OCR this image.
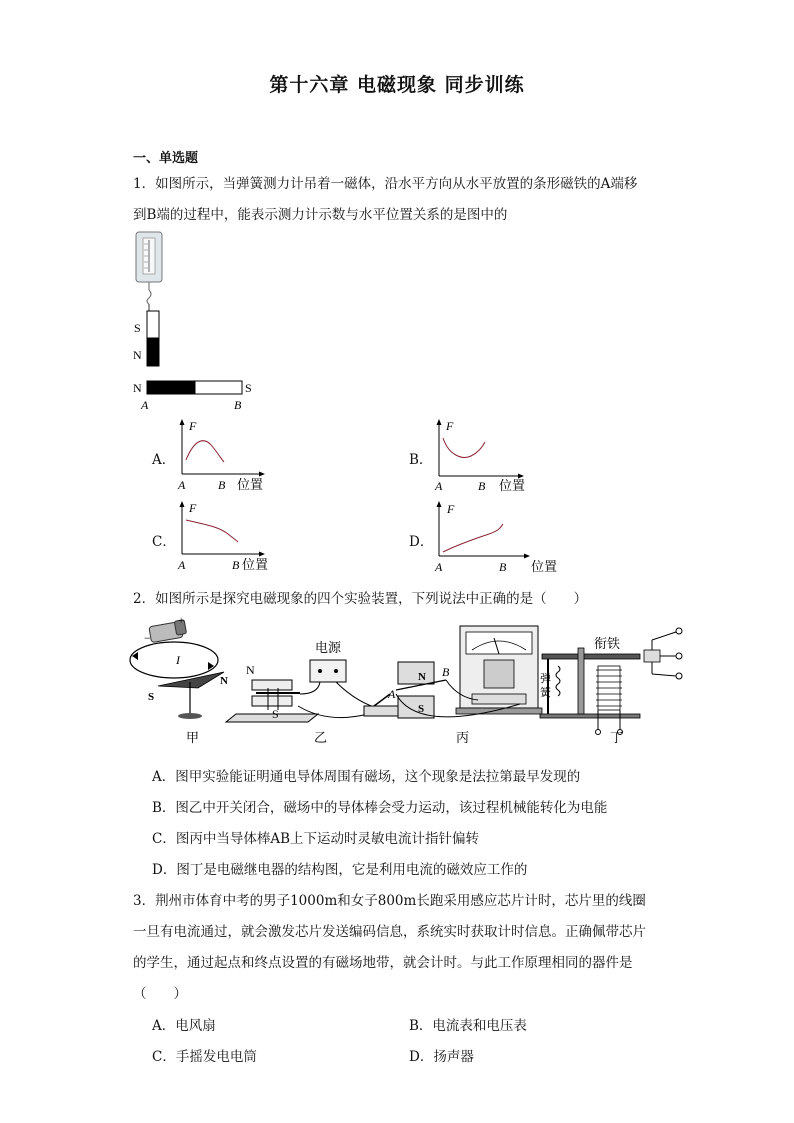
第十六章 电磁现象 同步训练
一、单选题
1．如图所示，当弹簧测力计吊着一磁体，沿水平方向从水平放置的条形磁铁的A端移
到B端的过程中，能表示测力计示数与水平位置关系的是图中的
S
N
N	S
A	B
A．
F
A	B 位置
B．
F
A	B 位置
C．
F
A	B 位置
D．
F
A	B 位置
2．如图所示是探究电磁现象的四个实验装置，下列说法中正确的是（　　）
+
−
I
S
N
甲
电源
N
S
乙
N
S
A
B
丙
衔铁
弹
簧
丁
A．图甲实验能证明通电导体周围有磁场，这个现象是法拉第最早发现的
B．图乙中开关闭合，磁场中的导体棒会受力运动，该过程机械能转化为电能
C．图丙中当导体棒AB上下运动时灵敏电流计指针偏转
D．图丁是电磁继电器的结构图，它是利用电流的磁效应工作的
3．荆州市体育中考的男子1000m和女子800m长跑采用感应芯片计时，芯片里的线圈
一旦有电流通过，就会激发芯片发送编码信息，系统实时获取计时信息。正确佩带芯片
的学生，通过起点和终点设置的有磁场地带，就会计时。与此工作原理相同的器件是
（　　）
A．电风扇	B．电流表和电压表
C．手摇发电电筒	D．扬声器
